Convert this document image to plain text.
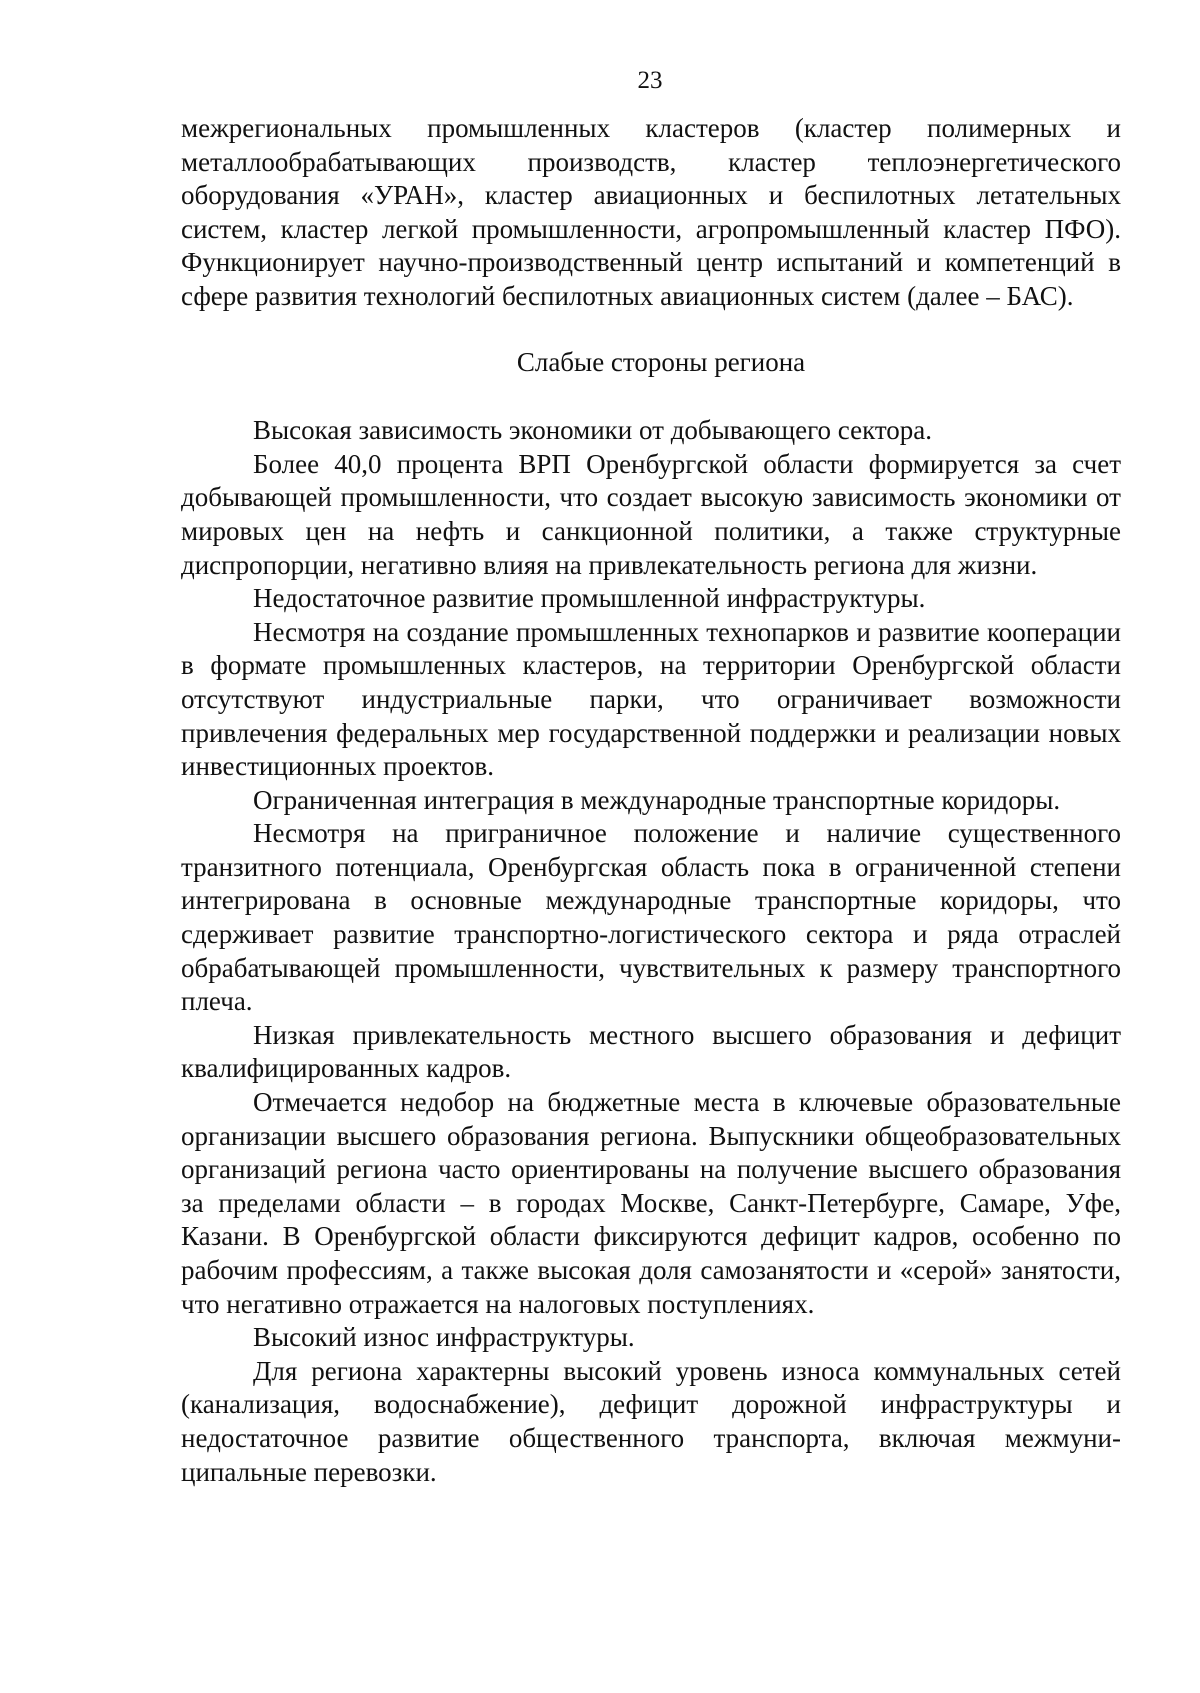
23

межрегиональных промышленных кластеров (кластер полимерных и металлообрабатывающих производств, кластер теплоэнергетического оборудования «УРАН», кластер авиационных и беспилотных летательных систем, кластер легкой промышленности, агропромышленный кластер ПФО). Функционирует научно-производственный центр испытаний и компетенций в сфере развития технологий беспилотных авиационных систем (далее – БАС).

Слабые стороны региона

Высокая зависимость экономики от добывающего сектора.

Более 40,0 процента ВРП Оренбургской области формируется за счет добывающей промышленности, что создает высокую зависимость экономики от мировых цен на нефть и санкционной политики, а также структурные диспропорции, негативно влияя на привлекательность региона для жизни.

Недостаточное развитие промышленной инфраструктуры.

Несмотря на создание промышленных технопарков и развитие кооперации в формате промышленных кластеров, на территории Оренбургской области отсутствуют индустриальные парки, что ограничивает возможности привлечения федеральных мер государственной поддержки и реализации новых инвестиционных проектов.

Ограниченная интеграция в международные транспортные коридоры.

Несмотря на приграничное положение и наличие существенного транзитного потенциала, Оренбургская область пока в ограниченной степени интегрирована в основные международные транспортные коридоры, что сдерживает развитие транспортно-логистического сектора и ряда отраслей обрабатывающей промышленности, чувствительных к размеру транспортного плеча.

Низкая привлекательность местного высшего образования и дефицит квалифицированных кадров.

Отмечается недобор на бюджетные места в ключевые образовательные организации высшего образования региона. Выпускники общеобразовательных организаций региона часто ориентированы на получение высшего образования за пределами области – в городах Москве, Санкт-Петербурге, Самаре, Уфе, Казани. В Оренбургской области фиксируются дефицит кадров, особенно по рабочим профессиям, а также высокая доля самозанятости и «серой» занятости, что негативно отражается на налоговых поступлениях.

Высокий износ инфраструктуры.

Для региона характерны высокий уровень износа коммунальных сетей (канализация, водоснабжение), дефицит дорожной инфраструктуры и недостаточное развитие общественного транспорта, включая межмуниципальные перевозки.
